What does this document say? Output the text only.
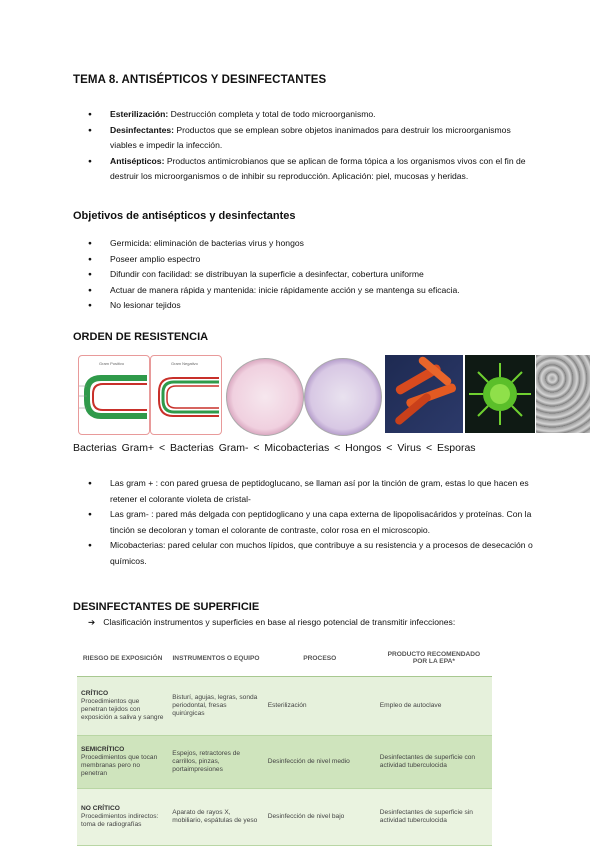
TEMA 8. ANTISÉPTICOS Y DESINFECTANTES
● Esterilización: Destrucción completa y total de todo microorganismo.
● Desinfectantes: Productos que se emplean sobre objetos inanimados para destruir los microorganismos viables e impedir la infección.
● Antisépticos: Productos antimicrobianos que se aplican de forma tópica a los organismos vivos con el fin de destruir los microorganismos o de inhibir su reproducción. Aplicación: piel, mucosas y heridas.
Objetivos de antisépticos y desinfectantes
● Germicida: eliminación de bacterias virus y hongos
● Poseer amplio espectro
● Difundir con facilidad: se distribuyan la superficie a desinfectar, cobertura uniforme
● Actuar de manera rápida y mantenida: inicie rápidamente acción y se mantenga su eficacia.
● No lesionar tejidos
ORDEN DE RESISTENCIA
Gram Positivo	Gram Negativo
Bacterias Gram+ < Bacterias Gram- < Micobacterias < Hongos < Virus < Esporas
● Las gram + : con pared gruesa de peptidoglucano, se llaman así por la tinción de gram, estas lo que hacen es retener el colorante violeta de cristal-
● Las gram- : pared más delgada con peptidoglicano y una capa externa de lipopolisacáridos y proteínas. Con la tinción se decoloran y toman el colorante de contraste, color rosa en el microscopio.
● Micobacterias: pared celular con muchos lípidos, que contribuye a su resistencia y a procesos de desecación o químicos.
DESINFECTANTES DE SUPERFICIE
➔ Clasificación instrumentos y superficies en base al riesgo potencial de transmitir infecciones:
RIESGO DE EXPOSICIÓN	INSTRUMENTOS O EQUIPO	PROCESO	PRODUCTO RECOMENDADO POR LA EPA*

CRÍTICO
Procedimientos que penetran tejidos con exposición a saliva y sangre	Bisturí, agujas, legras, sonda periodontal, fresas quirúrgicas	Esterilización	Empleo de autoclave

SEMICRÍTICO
Procedimientos que tocan membranas pero no penetran	Espejos, retractores de carrillos, pinzas, portaimpresiones	Desinfección de nivel medio	Desinfectantes de superficie con actividad tuberculocida

NO CRÍTICO
Procedimientos indirectos: toma de radiografías	Aparato de rayos X, mobiliario, espátulas de yeso	Desinfección de nivel bajo	Desinfectantes de superficie sin actividad tuberculocida
